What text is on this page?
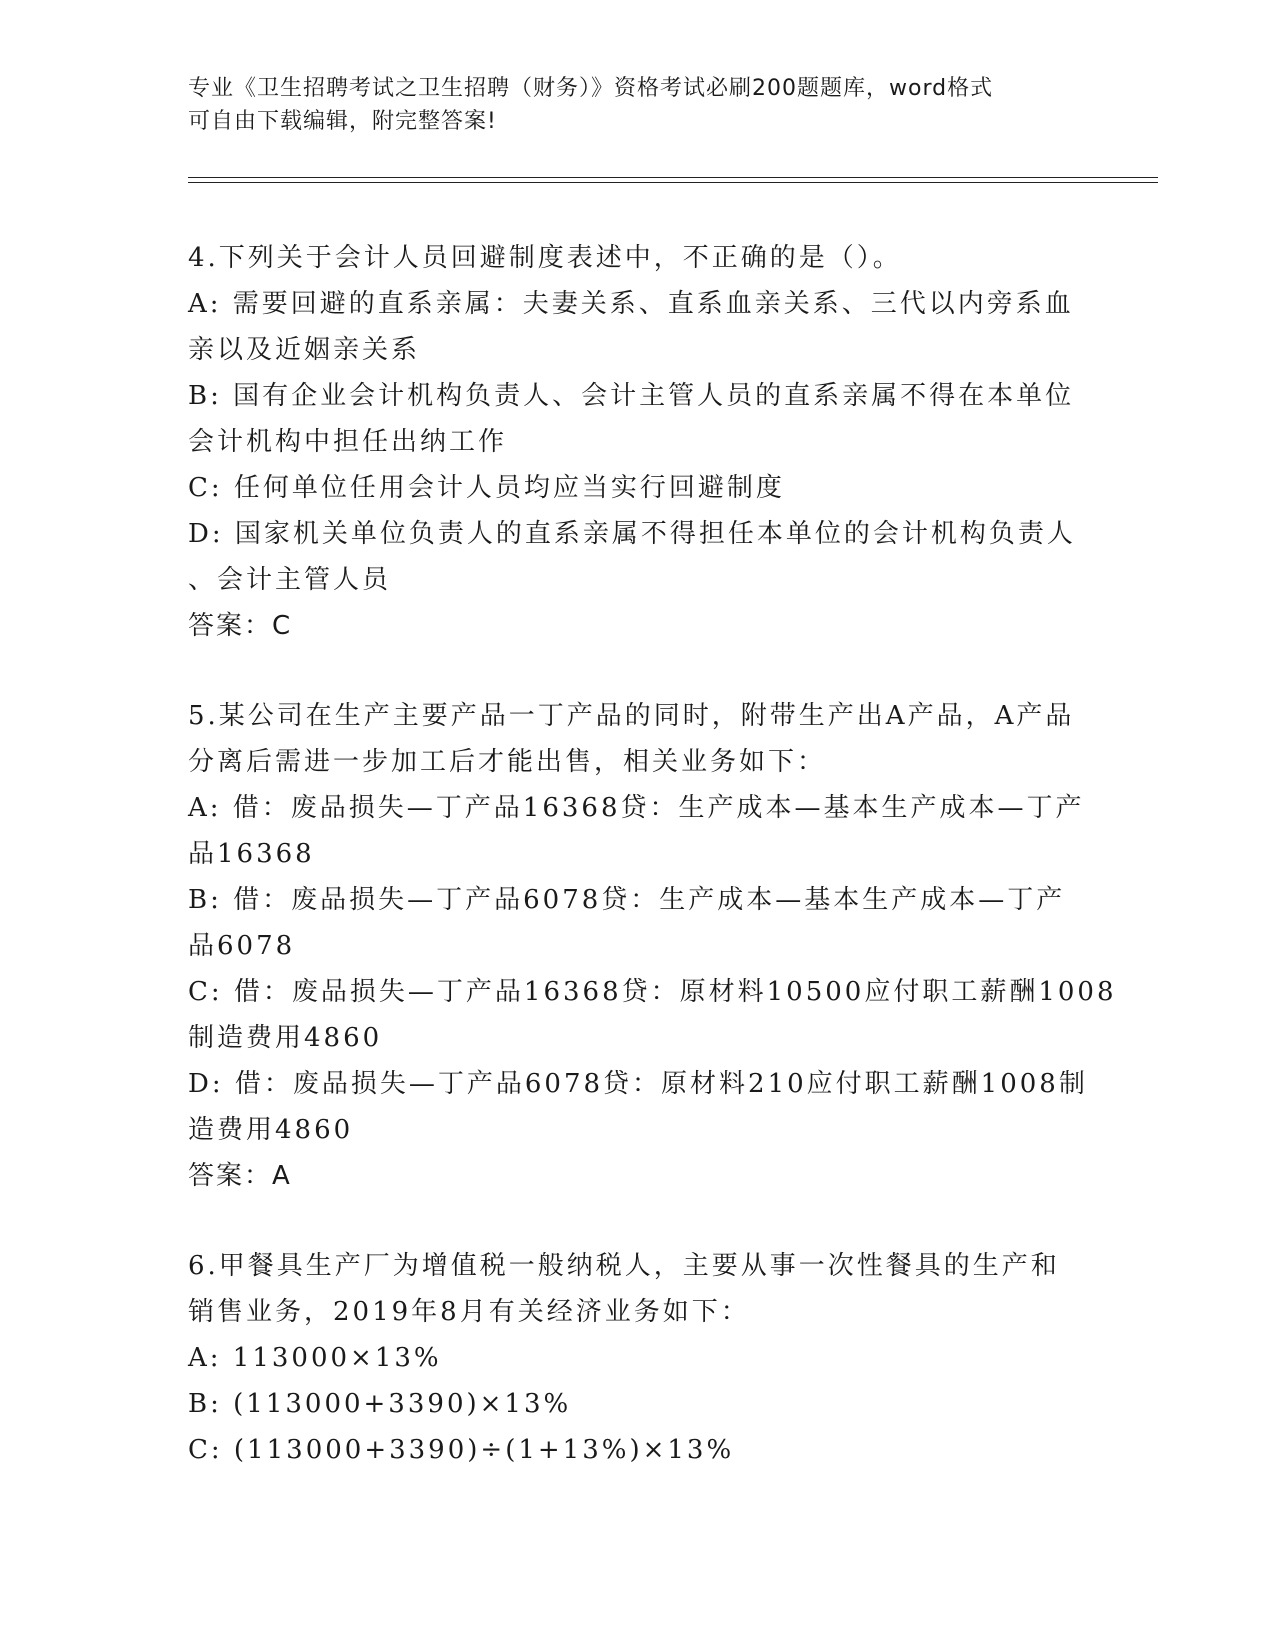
专业《卫生招聘考试之卫生招聘（财务）》资格考试必刷200题题库，word格式
可自由下载编辑，附完整答案!
4.下列关于会计人员回避制度表述中，不正确的是（）。
A: 需要回避的直系亲属：夫妻关系、直系血亲关系、三代以内旁系血
亲以及近姻亲关系
B: 国有企业会计机构负责人、会计主管人员的直系亲属不得在本单位
会计机构中担任出纳工作
C: 任何单位任用会计人员均应当实行回避制度
D: 国家机关单位负责人的直系亲属不得担任本单位的会计机构负责人
、会计主管人员
答案：C
5.某公司在生产主要产品一丁产品的同时，附带生产出A产品，A产品
分离后需进一步加工后才能出售，相关业务如下：
A: 借：废品损失—丁产品16368贷：生产成本—基本生产成本—丁产
品16368
B: 借：废品损失—丁产品6078贷：生产成本—基本生产成本—丁产
品6078
C: 借：废品损失—丁产品16368贷：原材料10500应付职工薪酬1008
制造费用4860
D: 借：废品损失—丁产品6078贷：原材料210应付职工薪酬1008制
造费用4860
答案：A
6.甲餐具生产厂为增值税一般纳税人，主要从事一次性餐具的生产和
销售业务，2019年8月有关经济业务如下：
A: 113000×13%
B: (113000+3390)×13%
C: (113000+3390)÷(1+13%)×13%
